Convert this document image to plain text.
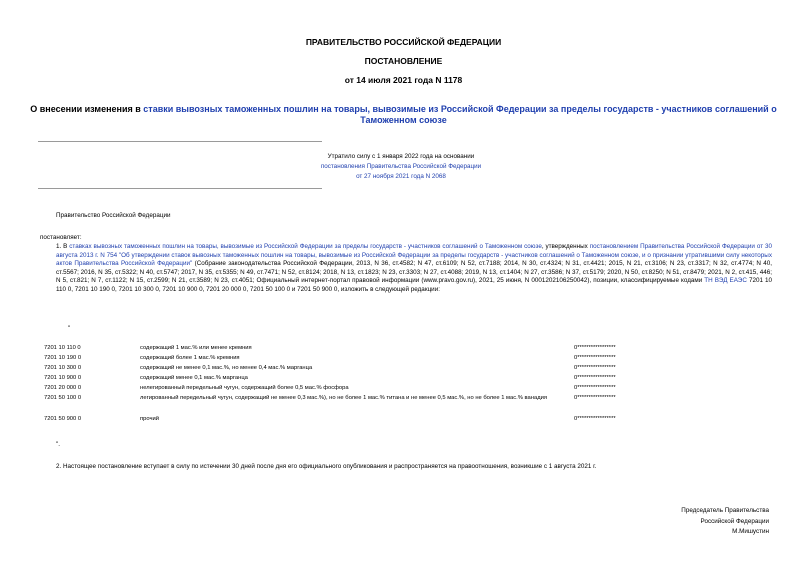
ПРАВИТЕЛЬСТВО РОССИЙСКОЙ ФЕДЕРАЦИИ
ПОСТАНОВЛЕНИЕ
от 14 июля 2021 года N 1178
О внесении изменения в ставки вывозных таможенных пошлин на товары, вывозимые из Российской Федерации за пределы государств - участников соглашений о Таможенном союзе
Утратило силу с 1 января 2022 года на основании
постановления Правительства Российской Федерации
от 27 ноября 2021 года N 2068
Правительство Российской Федерации
постановляет:
1. В ставках вывозных таможенных пошлин на товары, вывозимые из Российской Федерации за пределы государств - участников соглашений о Таможенном союзе, утвержденных постановлением Правительства Российской Федерации от 30 августа 2013 г. N 754 "Об утверждении ставок вывозных таможенных пошлин на товары, вывозимые из Российской Федерации за пределы государств - участников соглашений о Таможенном союзе, и о признании утратившими силу некоторых актов Правительства Российской Федерации" (Собрание законодательства Российской Федерации, 2013, N 36, ст.4582; N 47, ст.6109; N 52, ст.7188; 2014, N 30, ст.4324; N 31, ст.4421; 2015, N 21, ст.3106; N 23, ст.3317; N 32, ст.4774; N 40, ст.5567; 2016, N 35, ст.5322; N 40, ст.5747; 2017, N 35, ст.5355; N 49, ст.7471; N 52, ст.8124; 2018, N 13, ст.1823; N 23, ст.3303; N 27, ст.4088; 2019, N 13, ст.1404; N 27, ст.3586; N 37, ст.5179; 2020, N 50, ст.8250; N 51, ст.8479; 2021, N 2, ст.415, 446; N 5, ст.821; N 7, ст.1122; N 15, ст.2599; N 21, ст.3589; N 23, ст.4051; Официальный интернет-портал правовой информации (www.pravo.gov.ru), 2021, 25 июня, N 0001202106250042), позиции, классифицируемые кодами ТН ВЭД ЕАЭС 7201 10 110 0, 7201 10 190 0, 7201 10 300 0, 7201 10 900 0, 7201 20 000 0, 7201 50 100 0 и 7201 50 900 0, изложить в следующей редакции:
"
7201 10 110 0	содержащий 1 мас.% или менее кремния	0*****************
7201 10 190 0	содержащий более 1 мас.% кремния	0*****************
7201 10 300 0	содержащий не менее 0,1 мас.%, но менее 0,4 мас.% марганца	0*****************
7201 10 900 0	содержащий менее 0,1 мас.% марганца	0*****************
7201 20 000 0	нелегированный передельный чугун, содержащий более 0,5 мас.% фосфора	0*****************
7201 50 100 0	легированный передельный чугун, содержащий не менее 0,3 мас.%), но не более 1 мас.% титана и не менее 0,5 мас.%, но не более 1 мас.% ванадия	0*****************
7201 50 900 0	прочий	0*****************
".
2. Настоящее постановление вступает в силу по истечении 30 дней после дня его официального опубликования и распространяется на правоотношения, возникшие с 1 августа 2021 г.
Председатель Правительства
Российской Федерации
М.Мишустин
